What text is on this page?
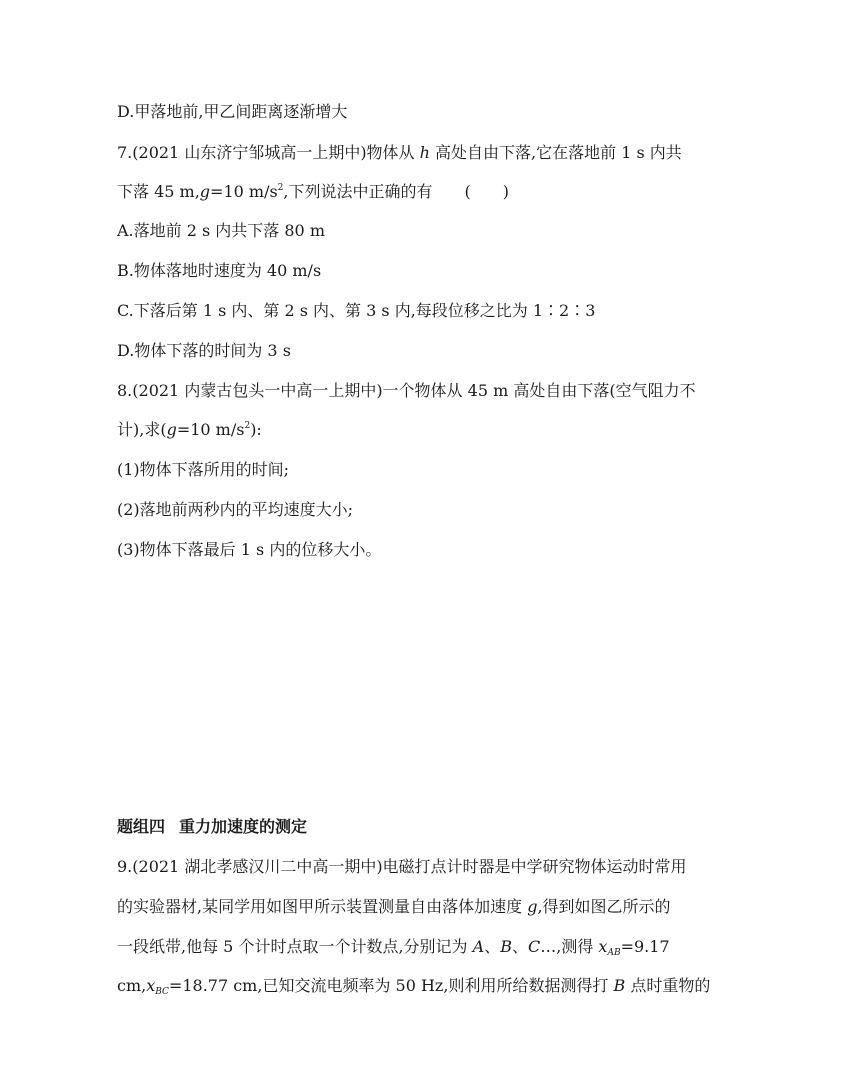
D.甲落地前,甲乙间距离逐渐增大
7.(2021 山东济宁邹城高一上期中)物体从 h 高处自由下落,它在落地前 1 s 内共
下落 45 m,g=10 $m/s^2$,下列说法中正确的有　　(　　)
A.落地前 2 s 内共下落 80 m
B.物体落地时速度为 40 m/s
C.下落后第 1 s 内、第 2 s 内、第 3 s 内,每段位移之比为 1∶2∶3
D.物体下落的时间为 3 s
8.(2021 内蒙古包头一中高一上期中)一个物体从 45 m 高处自由下落(空气阻力不
计),求(g=10 $m/s^2$):
(1)物体下落所用的时间;
(2)落地前两秒内的平均速度大小;
(3)物体下落最后 1 s 内的位移大小。
题组四 重力加速度的测定
9.(2021 湖北孝感汉川二中高一期中)电磁打点计时器是中学研究物体运动时常用
的实验器材,某同学用如图甲所示装置测量自由落体加速度 g,得到如图乙所示的
一段纸带,他每 5 个计时点取一个计数点,分别记为 A、B、C…,测得 $x_{AB}=9.17$
$cm,x_{BC}=18.77$ cm,已知交流电频率为 50 Hz,则利用所给数据测得打 B 点时重物的
